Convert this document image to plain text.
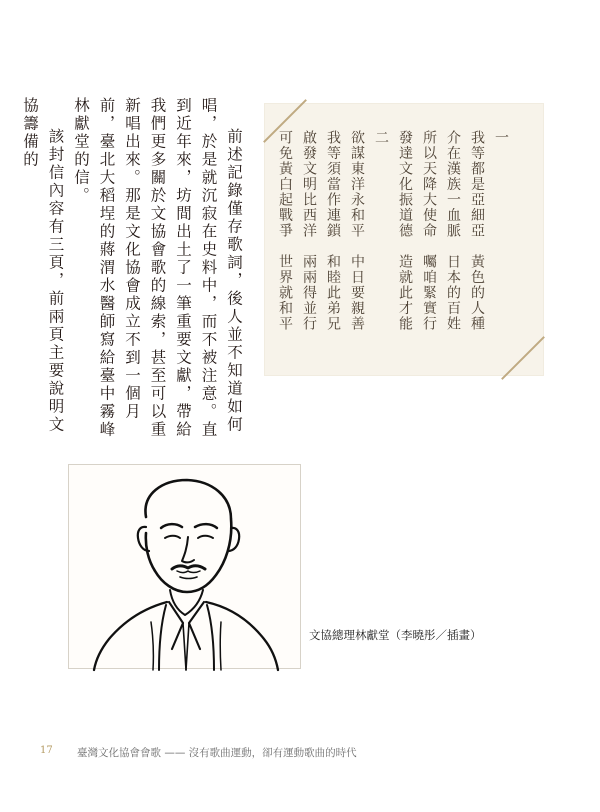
前述記錄僅存歌詞，後人並不知道如何唱，於是就沉寂在史料中，而不被注意。直到近年來，坊間出土了一筆重要文獻，帶給我們更多關於文協會歌的線索，甚至可以重新唱出來。那是文化協會成立不到一個月前，臺北大稻埕的蔣渭水醫師寫給臺中霧峰林獻堂的信。

該封信內容有三頁，前兩頁主要說明文協籌備的	一
我等都是亞細亞　黃色的人種
介在漢族一血脈　日本的百姓
所以天降大使命　囑咱緊實行
發達文化振道德　造就此才能
二
欲謀東洋永和平　中日要親善
我等須當作連鎖　和睦此弟兄
啟發文明比西洋　兩兩得並行
可免黃白起戰爭　世界就和平
文協總理林獻堂（李曉彤／插畫）
17 臺灣文化協會會歌 —— 沒有歌曲運動，卻有運動歌曲的時代
